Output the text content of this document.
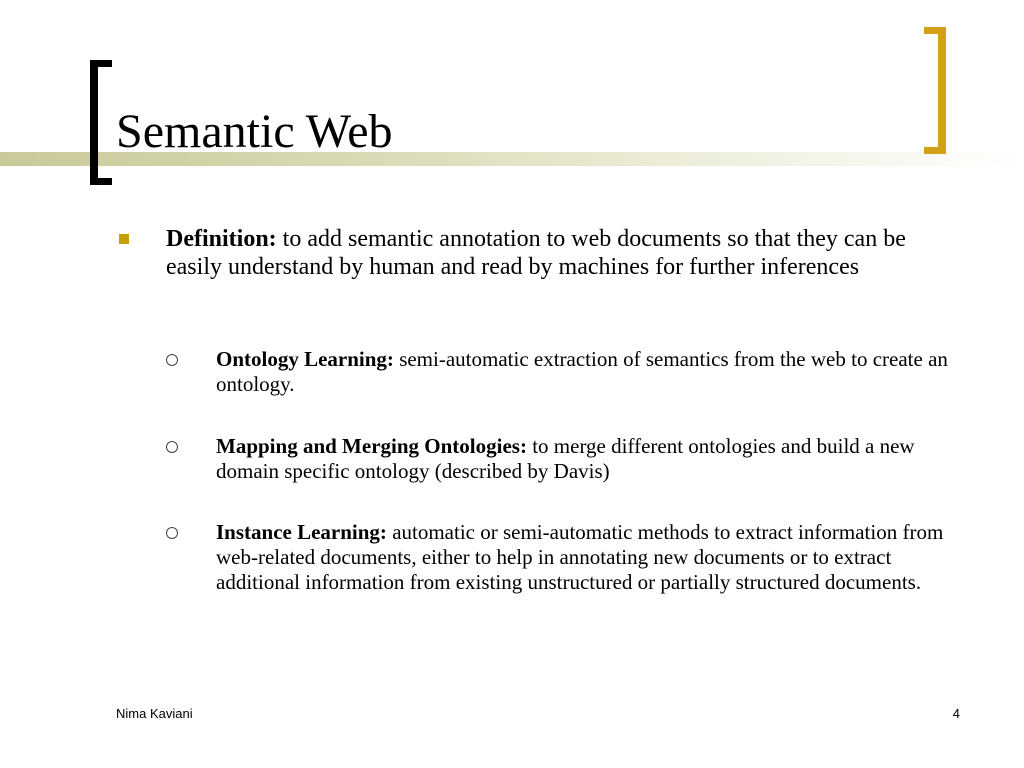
Semantic Web
Definition: to add semantic annotation to web documents so that they can be easily understand by human and read by machines for further inferences
Ontology Learning: semi-automatic extraction of semantics from the web to create an ontology.
Mapping and Merging Ontologies: to merge different ontologies and build a new domain specific ontology (described by Davis)
Instance Learning: automatic or semi-automatic methods to extract information from web-related documents, either to help in annotating new documents or to extract additional information from existing unstructured or partially structured documents.
Nima Kaviani	4
